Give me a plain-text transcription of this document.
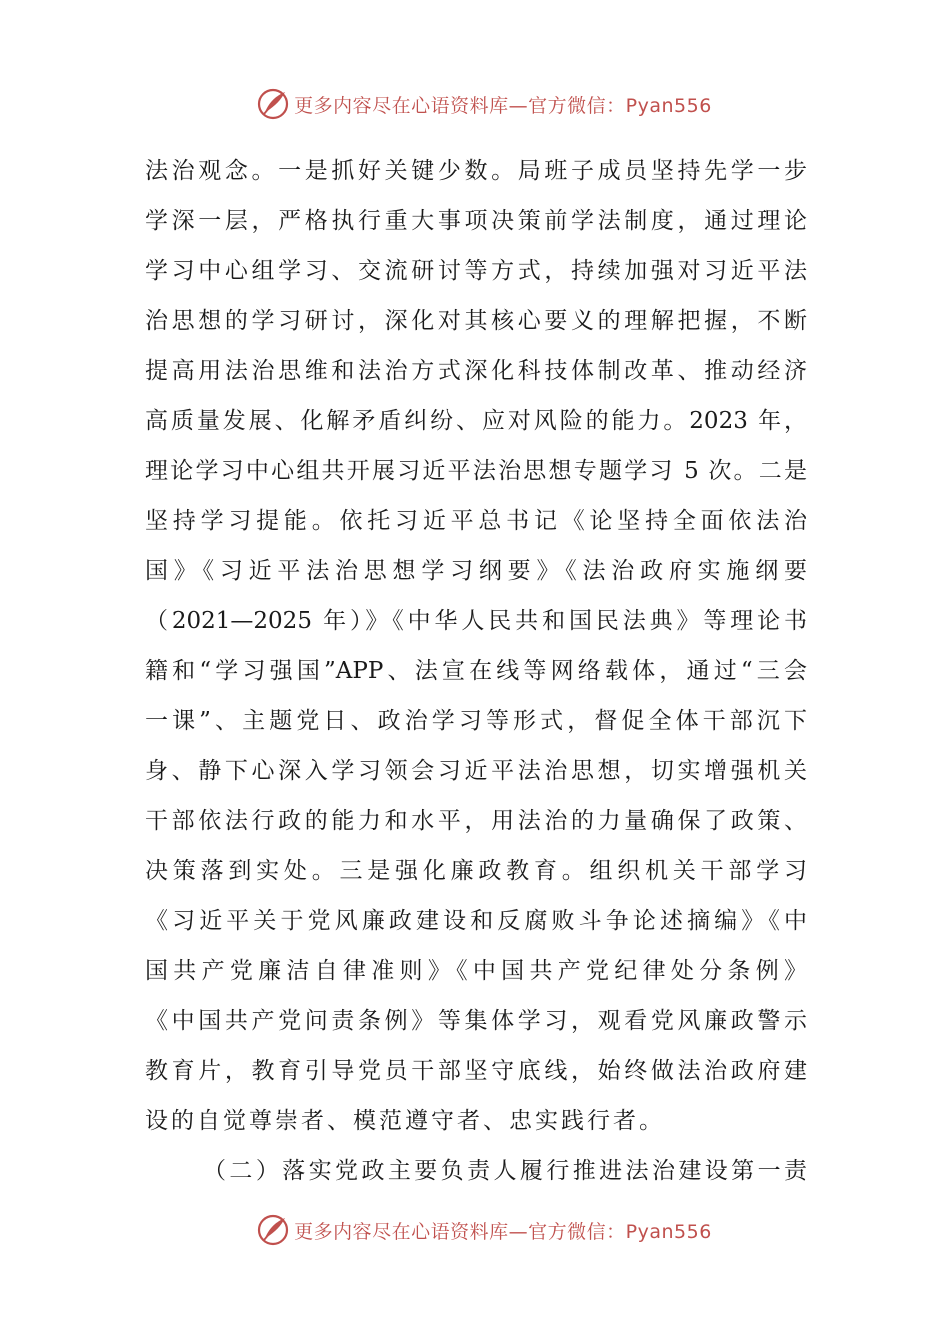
更多内容尽在心语资料库—官方微信：Pyan556
法治观念。一是抓好关键少数。局班子成员坚持先学一步
学深一层，严格执行重大事项决策前学法制度，通过理论
学习中心组学习、交流研讨等方式，持续加强对习近平法
治思想的学习研讨，深化对其核心要义的理解把握，不断
提高用法治思维和法治方式深化科技体制改革、推动经济
高质量发展、化解矛盾纠纷、应对风险的能力。2023 年，
理论学习中心组共开展习近平法治思想专题学习 5 次。二是
坚持学习提能。依托习近平总书记《论坚持全面依法治
国》《习近平法治思想学习纲要》《法治政府实施纲要
（2021—2025 年）》《中华人民共和国民法典》等理论书
籍和“学习强国”APP、法宣在线等网络载体，通过“三会
一课”、主题党日、政治学习等形式，督促全体干部沉下
身、静下心深入学习领会习近平法治思想，切实增强机关
干部依法行政的能力和水平，用法治的力量确保了政策、
决策落到实处。三是强化廉政教育。组织机关干部学习
《习近平关于党风廉政建设和反腐败斗争论述摘编》《中
国共产党廉洁自律准则》《中国共产党纪律处分条例》
《中国共产党问责条例》等集体学习，观看党风廉政警示
教育片，教育引导党员干部坚守底线，始终做法治政府建
设的自觉尊崇者、模范遵守者、忠实践行者。
（二）落实党政主要负责人履行推进法治建设第一责
更多内容尽在心语资料库—官方微信：Pyan556
